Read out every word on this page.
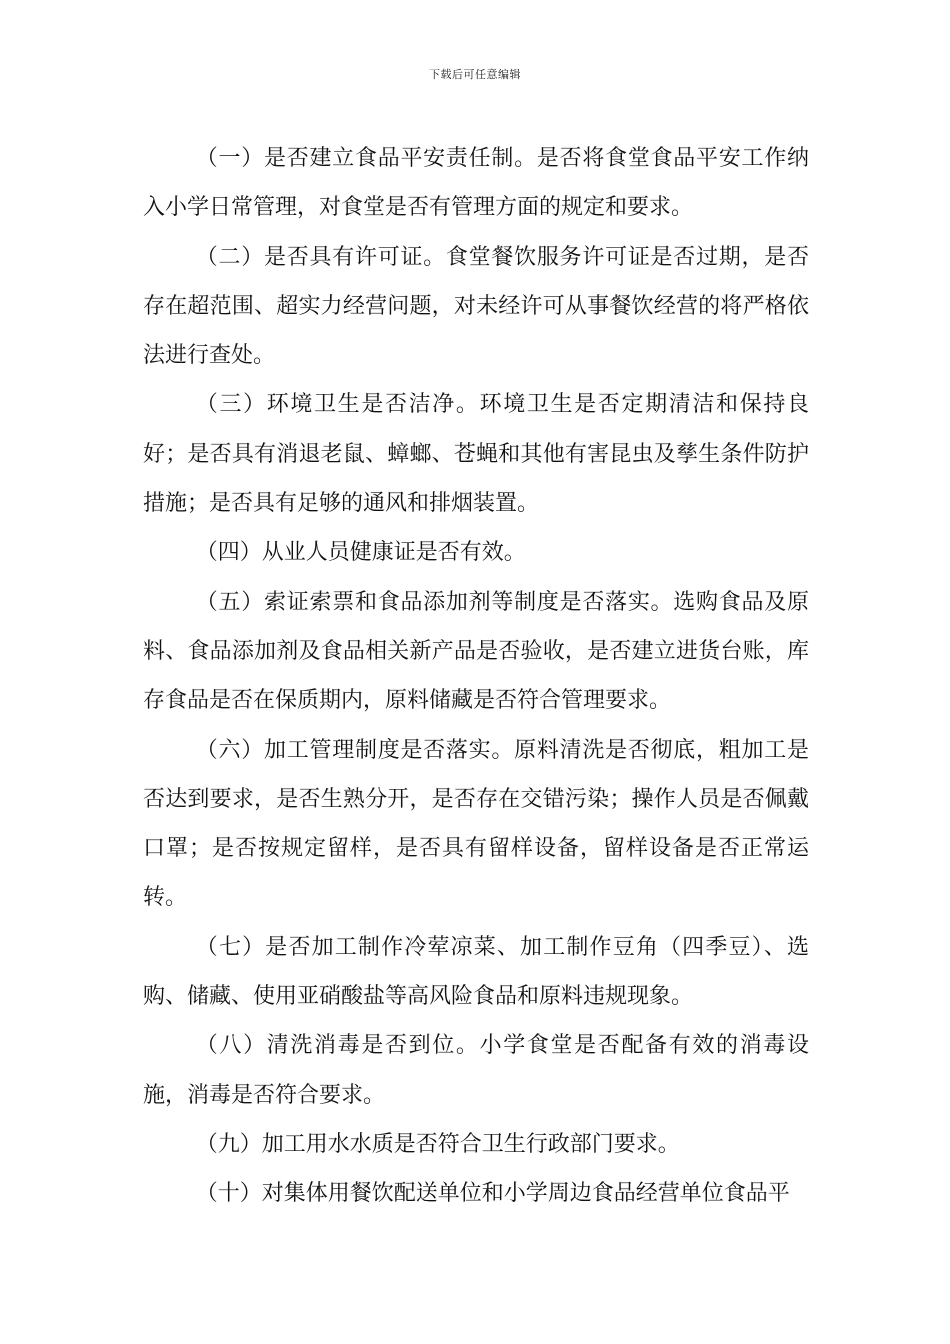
下载后可任意编辑

（一）是否建立食品平安责任制。是否将食堂食品平安工作纳入小学日常管理，对食堂是否有管理方面的规定和要求。

（二）是否具有许可证。食堂餐饮服务许可证是否过期，是否存在超范围、超实力经营问题，对未经许可从事餐饮经营的将严格依法进行查处。

（三）环境卫生是否洁净。环境卫生是否定期清洁和保持良好；是否具有消退老鼠、蟑螂、苍蝇和其他有害昆虫及孳生条件防护措施；是否具有足够的通风和排烟装置。

（四）从业人员健康证是否有效。

（五）索证索票和食品添加剂等制度是否落实。选购食品及原料、食品添加剂及食品相关新产品是否验收，是否建立进货台账，库存食品是否在保质期内，原料储藏是否符合管理要求。

（六）加工管理制度是否落实。原料清洗是否彻底，粗加工是否达到要求，是否生熟分开，是否存在交错污染；操作人员是否佩戴口罩；是否按规定留样，是否具有留样设备，留样设备是否正常运转。

（七）是否加工制作冷荤凉菜、加工制作豆角（四季豆）、选购、储藏、使用亚硝酸盐等高风险食品和原料违规现象。

（八）清洗消毒是否到位。小学食堂是否配备有效的消毒设施，消毒是否符合要求。

（九）加工用水水质是否符合卫生行政部门要求。

（十）对集体用餐饮配送单位和小学周边食品经营单位食品平
